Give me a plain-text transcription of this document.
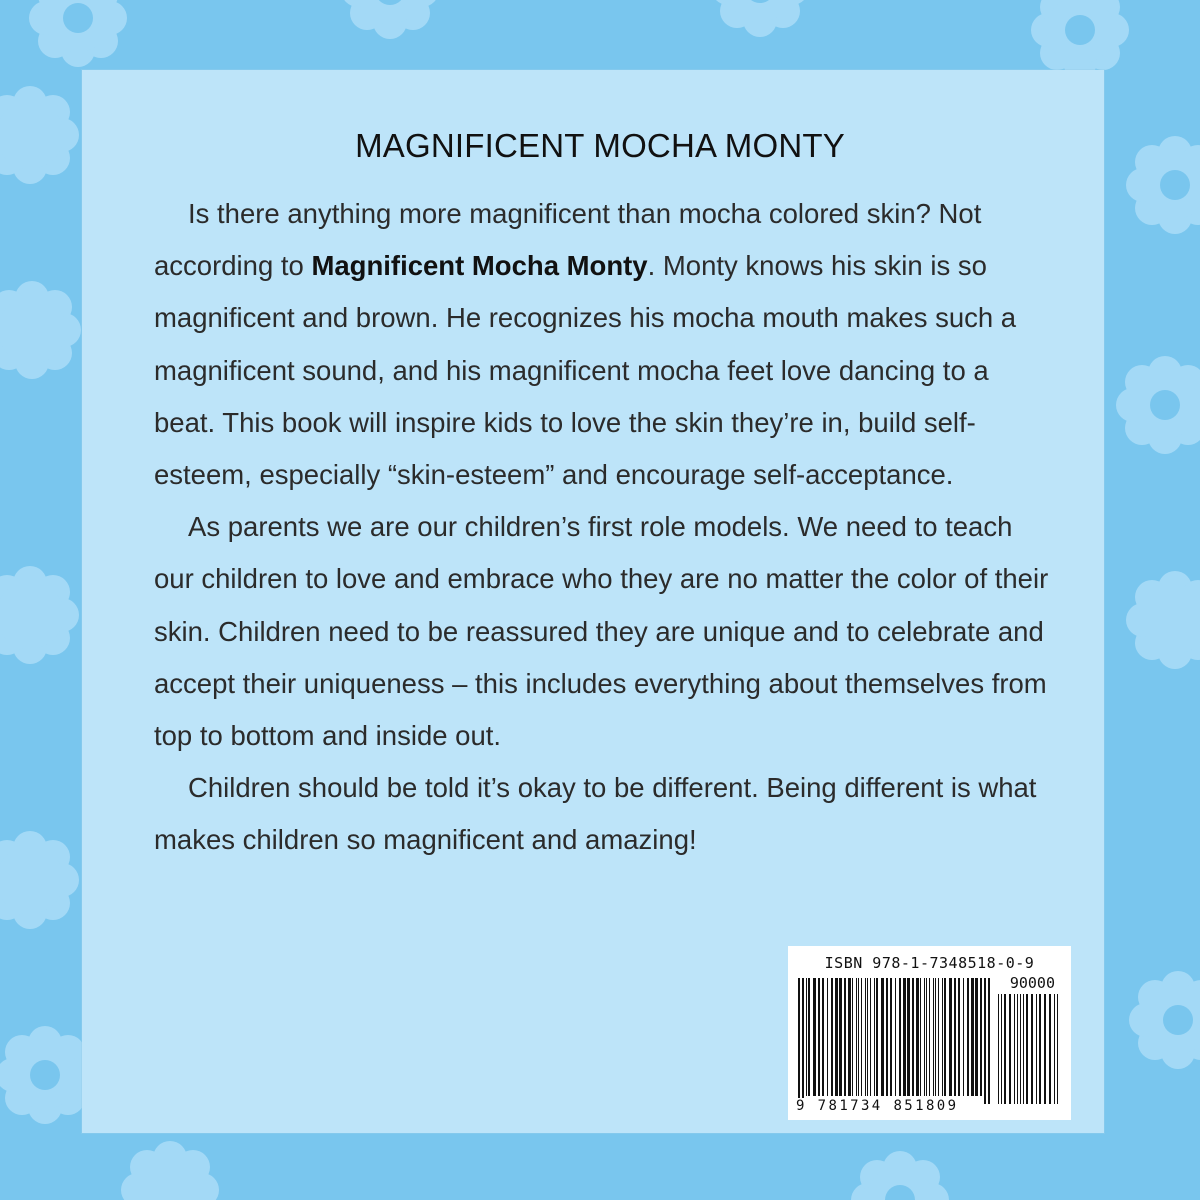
MAGNIFICENT MOCHA MONTY

Is there anything more magnificent than mocha colored skin? Not according to Magnificent Mocha Monty. Monty knows his skin is so magnificent and brown. He recognizes his mocha mouth makes such a magnificent sound, and his magnificent mocha feet love dancing to a beat. This book will inspire kids to love the skin they’re in, build self-esteem, especially “skin-esteem” and encourage self-acceptance.

As parents we are our children’s first role models. We need to teach our children to love and embrace who they are no matter the color of their skin. Children need to be reassured they are unique and to celebrate and accept their uniqueness – this includes everything about themselves from top to bottom and inside out.

Children should be told it’s okay to be different. Being different is what makes children so magnificent and amazing!

ISBN 978-1-7348518-0-9
90000
9 781734 851809
